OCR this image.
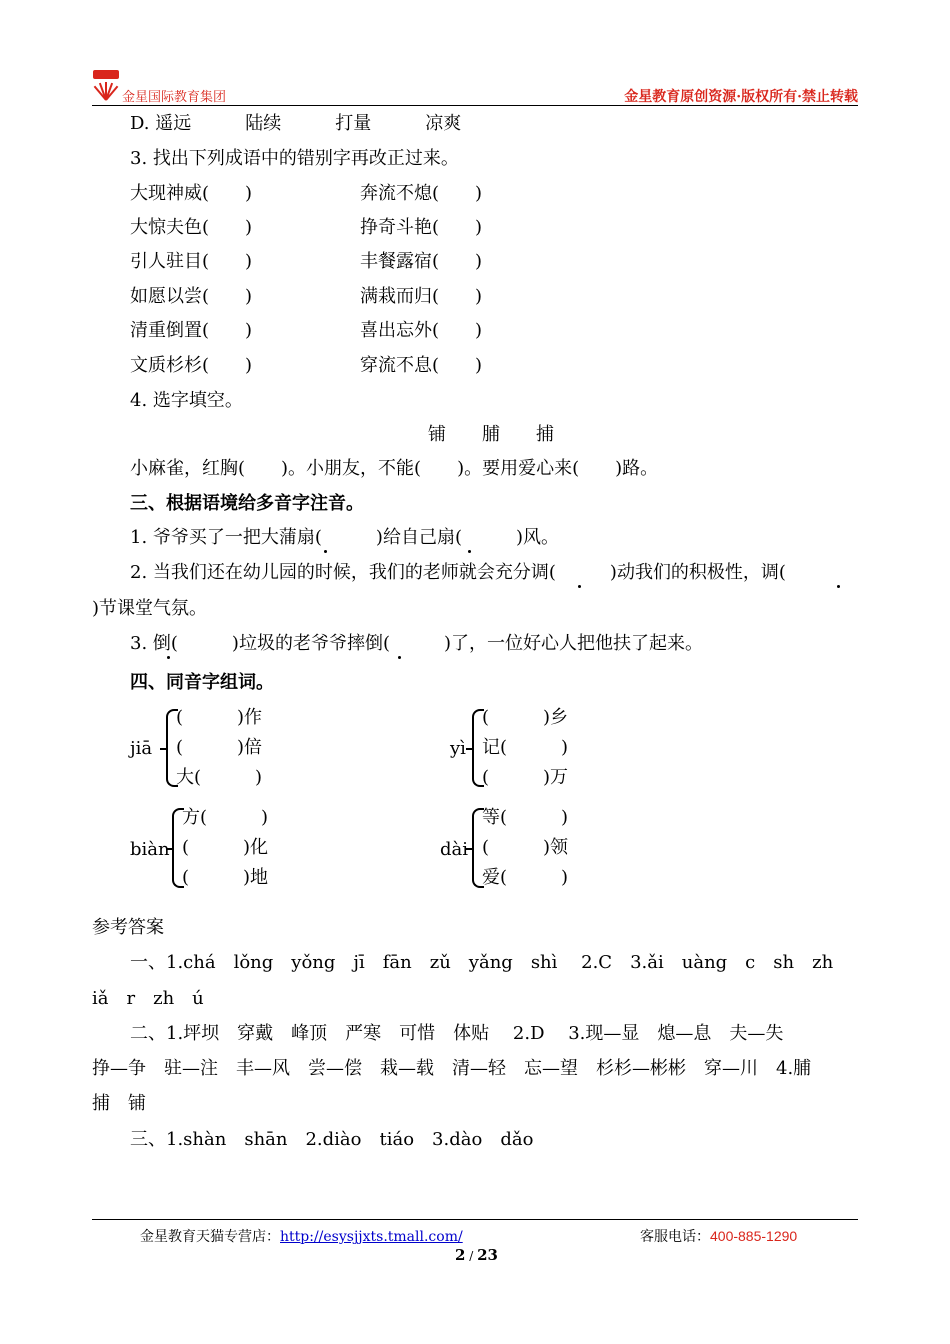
金星国际教育集团	金星教育原创资源·版权所有·禁止转载
D. 遥远　　　陆续　　　打量　　　凉爽
3. 找出下列成语中的错别字再改正过来。
大现神威(　　)
大惊夫色(　　)
引人驻目(　　)
如愿以尝(　　)
清重倒置(　　)
文质杉杉(　　)
奔流不熄(　　)
挣奇斗艳(　　)
丰餐露宿(　　)
满栽而归(　　)
喜出忘外(　　)
穿流不息(　　)
4. 选字填空。
铺　　脯　　捕
小麻雀，红胸(　　)。小朋友，不能(　　)。要用爱心来(　　)路。
三、根据语境给多音字注音。
1. 爷爷买了一把大蒲扇(　　　)给自己扇(　　　)风。
2. 当我们还在幼儿园的时候，我们的老师就会充分调(　　　)动我们的积极性，调(
)节课堂气氛。
3. 倒(　　　)垃圾的老爷爷摔倒(　　　)了，一位好心人把他扶了起来。
四、同音字组词。
jiā
(　　　)作
(　　　)倍
大(　　　)
yì
(　　　)乡
记(　　　)
(　　　)万
biàn
方(　　　)
(　　　)化
(　　　)地
dài
等(　　　)
(　　　)领
爱(　　　)
参考答案
一、1.chá　lǒng　yǒng　jī　fān　zǔ　yǎng　shì　 2.C　3.ǎi　uàng　c　sh　zh
iǎ　r　zh　ú
二、1.坪坝　穿戴　峰顶　严寒　可惜　体贴　 2.D　 3.现—显　熄—息　夫—失
挣—争　驻—注　丰—风　尝—偿　栽—载　清—轻　忘—望　杉杉—彬彬　穿—川　4.脯
捕　铺
三、1.shàn　shān　2.diào　tiáo　3.dào　dǎo
金星教育天猫专营店：http://esysjjxts.tmall.com/	客服电话：400-885-1290
2 / 23
